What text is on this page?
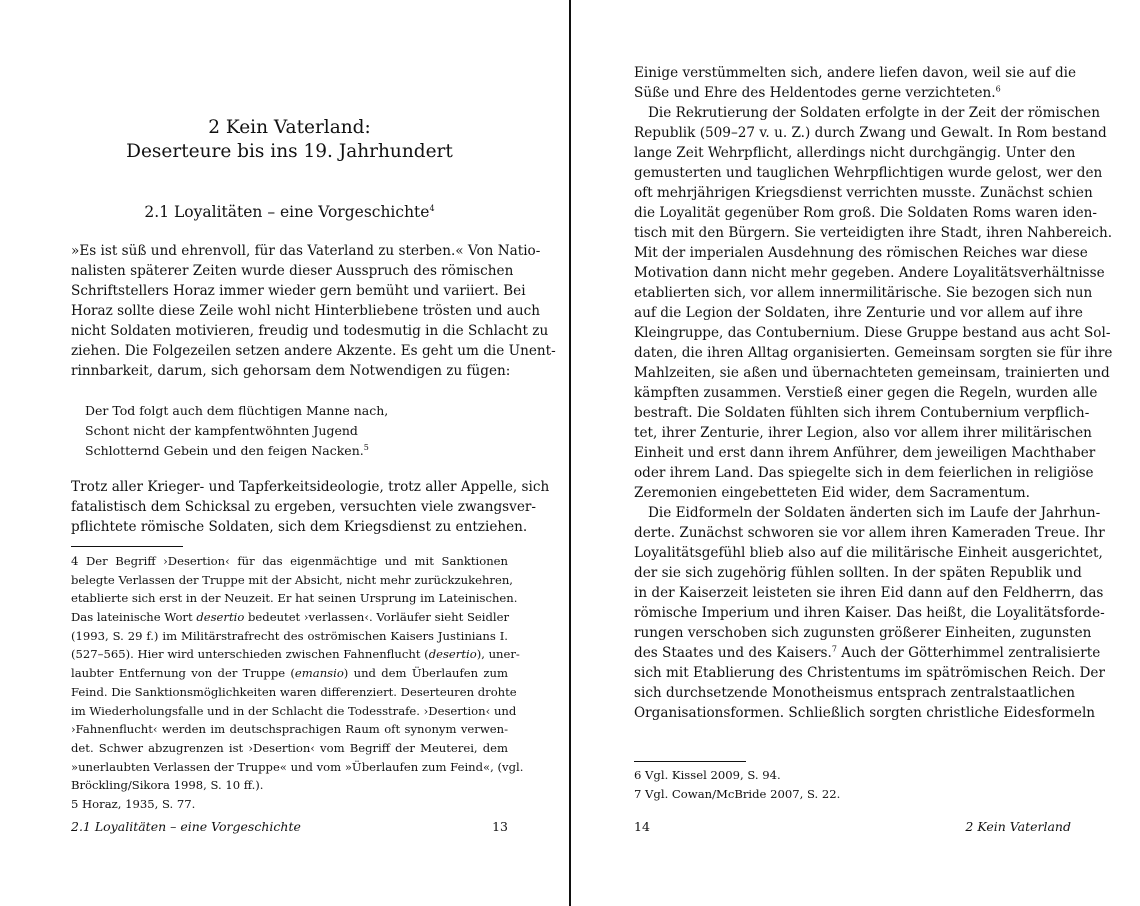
2 Kein Vaterland:
Deserteure bis ins 19. Jahrhundert
2.1 Loyalitäten – eine Vorgeschichte$^4$
»Es ist süß und ehrenvoll, für das Vaterland zu sterben.« Von Natio-
nalisten späterer Zeiten wurde dieser Ausspruch des römischen
Schriftstellers Horaz immer wieder gern bemüht und variiert. Bei
Horaz sollte diese Zeile wohl nicht Hinterbliebene trösten und auch
nicht Soldaten motivieren, freudig und todesmutig in die Schlacht zu
ziehen. Die Folgezeilen setzen andere Akzente. Es geht um die Unent-
rinnbarkeit, darum, sich gehorsam dem Notwendigen zu fügen:
Der Tod folgt auch dem flüchtigen Manne nach,
Schont nicht der kampfentwöhnten Jugend
Schlotternd Gebein und den feigen Nacken.$^5$
Trotz aller Krieger- und Tapferkeitsideologie, trotz aller Appelle, sich
fatalistisch dem Schicksal zu ergeben, versuchten viele zwangsver-
pflichtete römische Soldaten, sich dem Kriegsdienst zu entziehen.
4 Der Begriff ›Desertion‹ für das eigenmächtige und mit Sanktionen
belegte Verlassen der Truppe mit der Absicht, nicht mehr zurückzukehren,
etablierte sich erst in der Neuzeit. Er hat seinen Ursprung im Lateinischen.
Das lateinische Wort desertio bedeutet ›verlassen‹. Vorläufer sieht Seidler
(1993, S. 29 f.) im Militärstrafrecht des oströmischen Kaisers Justinians I.
(527–565). Hier wird unterschieden zwischen Fahnenflucht (desertio), uner-
laubter Entfernung von der Truppe (emansio) und dem Überlaufen zum
Feind. Die Sanktionsmöglichkeiten waren differenziert. Deserteuren drohte
im Wiederholungsfalle und in der Schlacht die Todesstrafe. ›Desertion‹ und
›Fahnenflucht‹ werden im deutschsprachigen Raum oft synonym verwen-
det. Schwer abzugrenzen ist ›Desertion‹ vom Begriff der Meuterei, dem
»unerlaubten Verlassen der Truppe« und vom »Überlaufen zum Feind«, (vgl.
Bröckling/Sikora 1998, S. 10 ff.).
5 Horaz, 1935, S. 77.
2.1 Loyalitäten – eine Vorgeschichte	13
Einige verstümmelten sich, andere liefen davon, weil sie auf die
Süße und Ehre des Heldentodes gerne verzichteten.$^6$
Die Rekrutierung der Soldaten erfolgte in der Zeit der römischen
Republik (509–27 v. u. Z.) durch Zwang und Gewalt. In Rom bestand
lange Zeit Wehrpflicht, allerdings nicht durchgängig. Unter den
gemusterten und tauglichen Wehrpflichtigen wurde gelost, wer den
oft mehrjährigen Kriegsdienst verrichten musste. Zunächst schien
die Loyalität gegenüber Rom groß. Die Soldaten Roms waren iden-
tisch mit den Bürgern. Sie verteidigten ihre Stadt, ihren Nahbereich.
Mit der imperialen Ausdehnung des römischen Reiches war diese
Motivation dann nicht mehr gegeben. Andere Loyalitätsverhältnisse
etablierten sich, vor allem innermilitärische. Sie bezogen sich nun
auf die Legion der Soldaten, ihre Zenturie und vor allem auf ihre
Kleingruppe, das Contubernium. Diese Gruppe bestand aus acht Sol-
daten, die ihren Alltag organisierten. Gemeinsam sorgten sie für ihre
Mahlzeiten, sie aßen und übernachteten gemeinsam, trainierten und
kämpften zusammen. Verstieß einer gegen die Regeln, wurden alle
bestraft. Die Soldaten fühlten sich ihrem Contubernium verpflich-
tet, ihrer Zenturie, ihrer Legion, also vor allem ihrer militärischen
Einheit und erst dann ihrem Anführer, dem jeweiligen Machthaber
oder ihrem Land. Das spiegelte sich in dem feierlichen in religiöse
Zeremonien eingebetteten Eid wider, dem Sacramentum.
Die Eidformeln der Soldaten änderten sich im Laufe der Jahrhun-
derte. Zunächst schworen sie vor allem ihren Kameraden Treue. Ihr
Loyalitätsgefühl blieb also auf die militärische Einheit ausgerichtet,
der sie sich zugehörig fühlen sollten. In der späten Republik und
in der Kaiserzeit leisteten sie ihren Eid dann auf den Feldherrn, das
römische Imperium und ihren Kaiser. Das heißt, die Loyalitätsforde-
rungen verschoben sich zugunsten größerer Einheiten, zugunsten
des Staates und des Kaisers.$^7$ Auch der Götterhimmel zentralisierte
sich mit Etablierung des Christentums im spätrömischen Reich. Der
sich durchsetzende Monotheismus entsprach zentralstaatlichen
Organisationsformen. Schließlich sorgten christliche Eidesformeln
6 Vgl. Kissel 2009, S. 94.
7 Vgl. Cowan/McBride 2007, S. 22.
14	2 Kein Vaterland
